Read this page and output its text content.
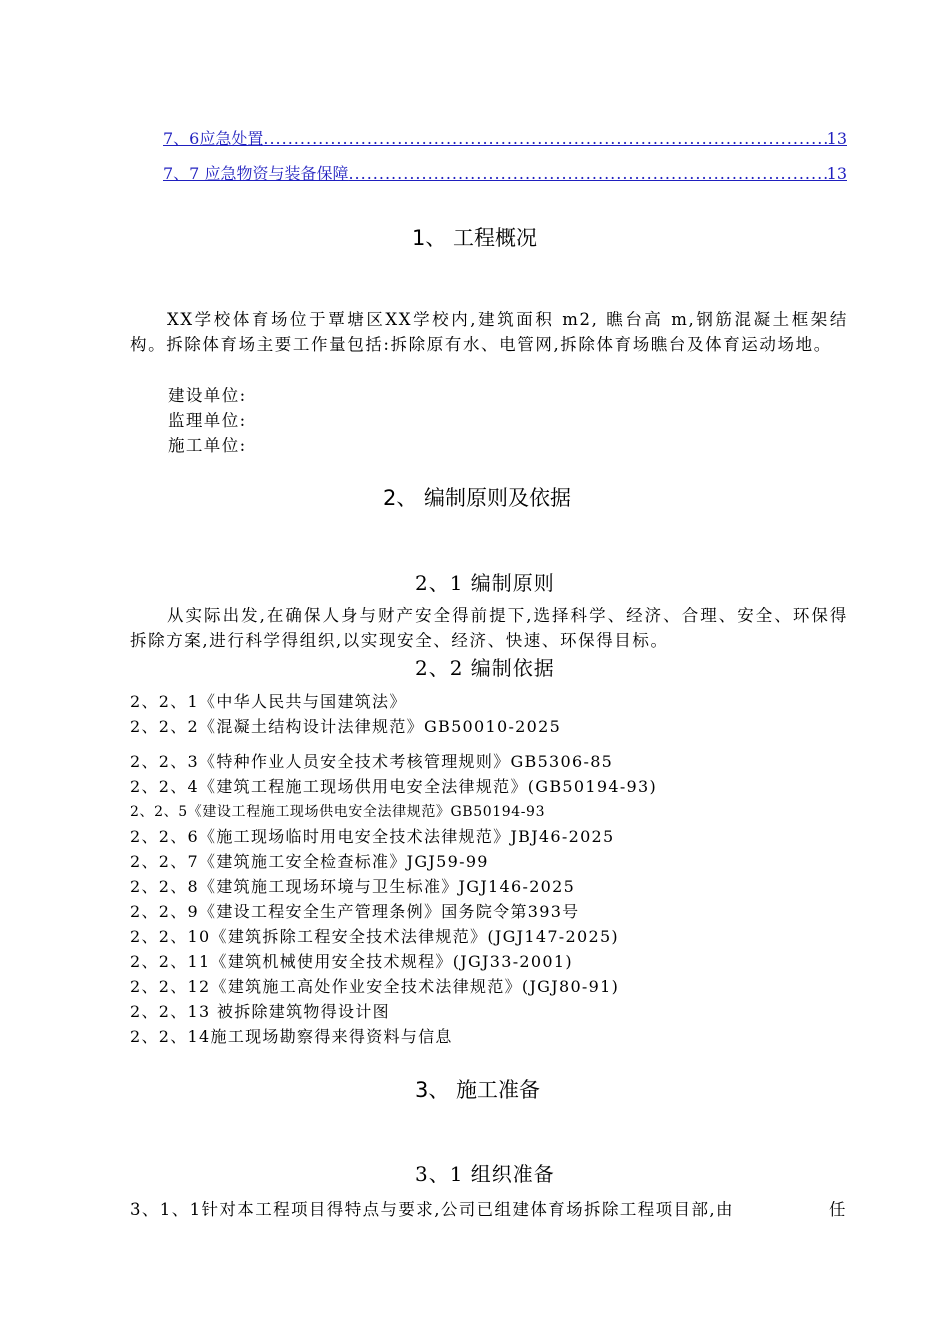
7、6应急处置 .....	13
7、7 应急物资与装备保障 .....	13
1、 工程概况
XX学校体育场位于覃塘区XX学校内,建筑面积 m2, 瞧台高 m,钢筋混凝土框架结构。拆除体育场主要工作量包括:拆除原有水、电管网,拆除体育场瞧台及体育运动场地。
建设单位:
监理单位:
施工单位:
2、 编制原则及依据
2、1 编制原则
从实际出发,在确保人身与财产安全得前提下,选择科学、经济、合理、安全、环保得拆除方案,进行科学得组织,以实现安全、经济、快速、环保得目标。
2、2 编制依据
2、2、1《中华人民共与国建筑法》
2、2、2《混凝土结构设计法律规范》GB50010-2025
2、2、3《特种作业人员安全技术考核管理规则》GB5306-85
2、2、4《建筑工程施工现场供用电安全法律规范》(GB50194-93)
2、2、5《建设工程施工现场供电安全法律规范》GB50194-93
2、2、6《施工现场临时用电安全技术法律规范》JBJ46-2025
2、2、7《建筑施工安全检查标准》JGJ59-99
2、2、8《建筑施工现场环境与卫生标准》JGJ146-2025
2、2、9《建设工程安全生产管理条例》国务院令第393号
2、2、10《建筑拆除工程安全技术法律规范》(JGJ147-2025)
2、2、11《建筑机械使用安全技术规程》(JGJ33-2001)
2、2、12《建筑施工高处作业安全技术法律规范》(JGJ80-91)
2、2、13 被拆除建筑物得设计图
2、2、14施工现场勘察得来得资料与信息
3、 施工准备
3、1 组织准备
3、1、1针对本工程项目得特点与要求,公司已组建体育场拆除工程项目部,由	任
